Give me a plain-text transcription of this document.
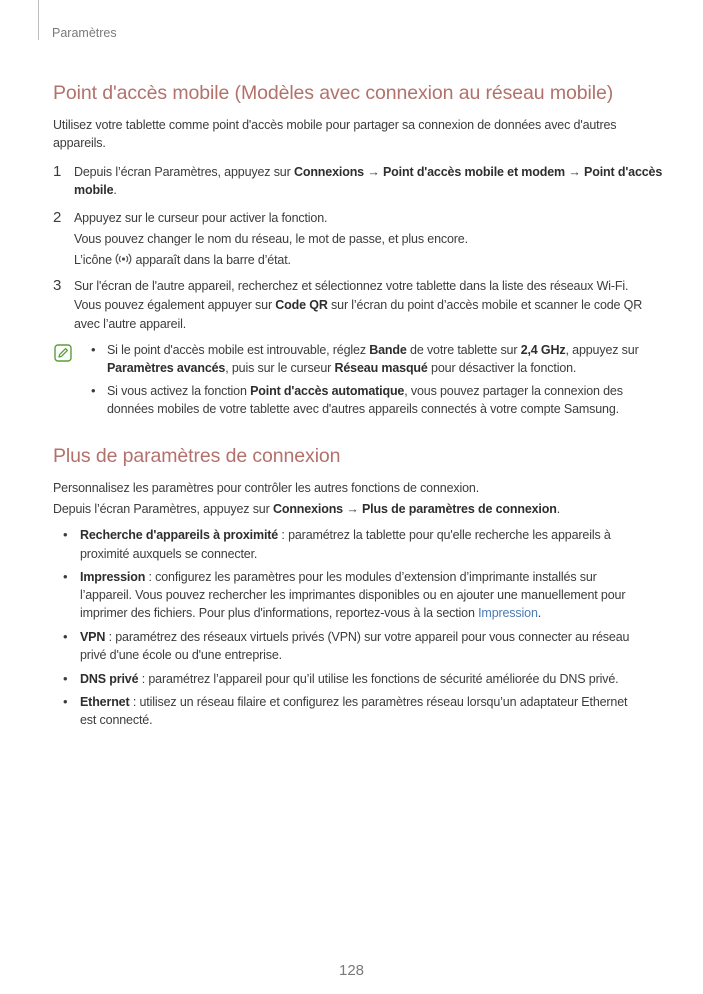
Paramètres
Point d'accès mobile (Modèles avec connexion au réseau mobile)
Utilisez votre tablette comme point d'accès mobile pour partager sa connexion de données avec d'autres
appareils.
1 Depuis l’écran Paramètres, appuyez sur Connexions → Point d'accès mobile et modem → Point d'accès
mobile.
2 Appuyez sur le curseur pour activer la fonction.
Vous pouvez changer le nom du réseau, le mot de passe, et plus encore.
L’icône  apparaît dans la barre d’état.
3 Sur l'écran de l'autre appareil, recherchez et sélectionnez votre tablette dans la liste des réseaux Wi-Fi.
Vous pouvez également appuyer sur Code QR sur l’écran du point d’accès mobile et scanner le code QR
avec l’autre appareil.
• Si le point d'accès mobile est introuvable, réglez Bande de votre tablette sur 2,4 GHz, appuyez sur
Paramètres avancés, puis sur le curseur Réseau masqué pour désactiver la fonction.
• Si vous activez la fonction Point d'accès automatique, vous pouvez partager la connexion des
données mobiles de votre tablette avec d'autres appareils connectés à votre compte Samsung.
Plus de paramètres de connexion
Personnalisez les paramètres pour contrôler les autres fonctions de connexion.
Depuis l’écran Paramètres, appuyez sur Connexions → Plus de paramètres de connexion.
• Recherche d'appareils à proximité : paramétrez la tablette pour qu'elle recherche les appareils à
proximité auxquels se connecter.
• Impression : configurez les paramètres pour les modules d’extension d’imprimante installés sur
l’appareil. Vous pouvez rechercher les imprimantes disponibles ou en ajouter une manuellement pour
imprimer des fichiers. Pour plus d'informations, reportez-vous à la section Impression.
• VPN : paramétrez des réseaux virtuels privés (VPN) sur votre appareil pour vous connecter au réseau
privé d'une école ou d'une entreprise.
• DNS privé : paramétrez l’appareil pour qu’il utilise les fonctions de sécurité améliorée du DNS privé.
• Ethernet : utilisez un réseau filaire et configurez les paramètres réseau lorsqu’un adaptateur Ethernet
est connecté.
128
